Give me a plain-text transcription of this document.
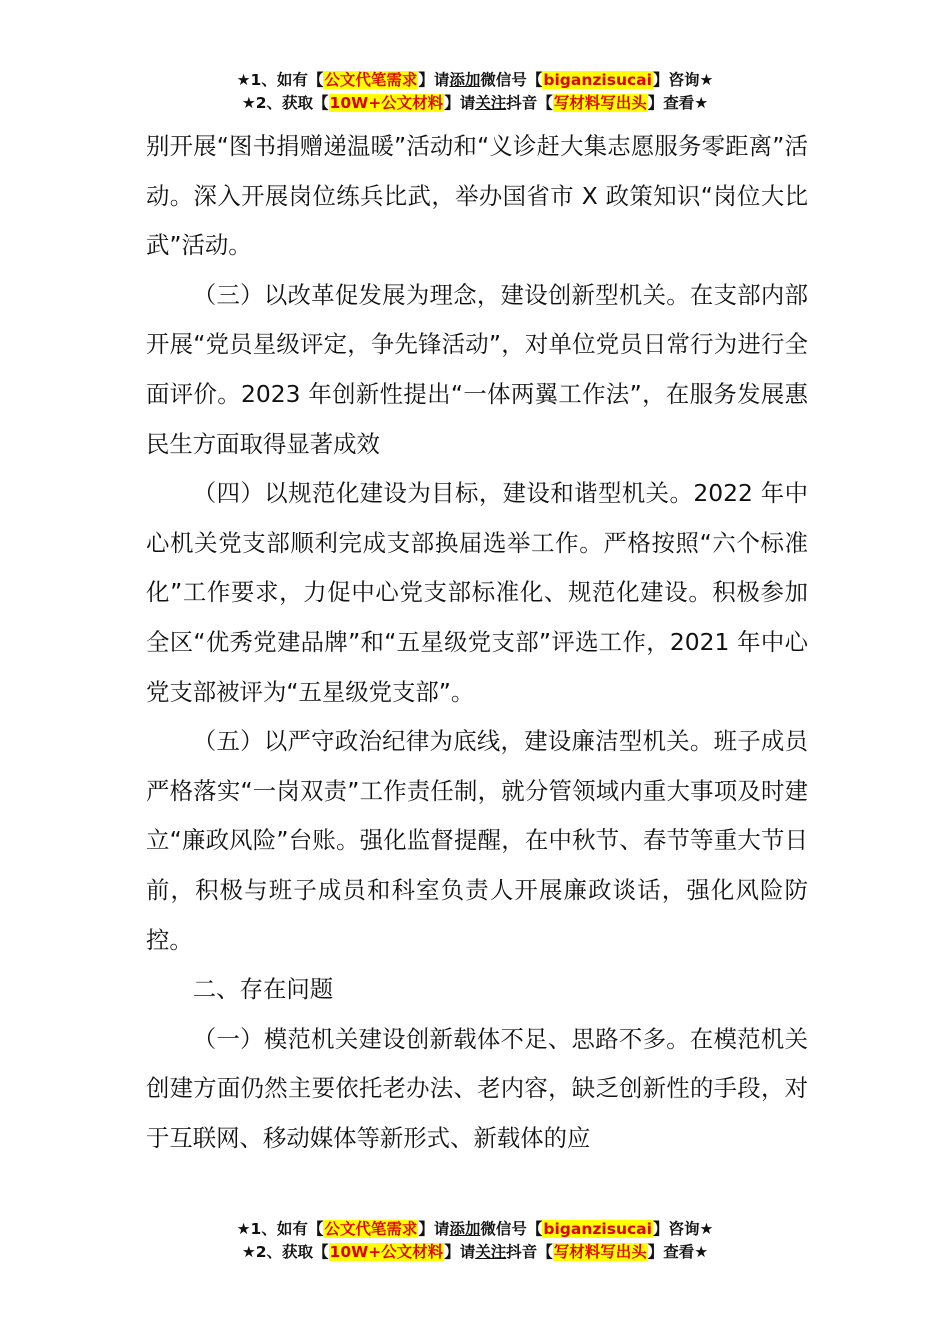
★1、如有【公文代笔需求】请添加微信号【biganzisucai】咨询★
★2、获取【10W+公文材料】请关注抖音【写材料写出头】查看★

别开展“图书捐赠递温暖”活动和“义诊赶大集志愿服务零距离”活动。深入开展岗位练兵比武，举办国省市 X 政策知识“岗位大比武”活动。

（三）以改革促发展为理念，建设创新型机关。在支部内部开展“党员星级评定，争先锋活动”，对单位党员日常行为进行全面评价。2023 年创新性提出“一体两翼工作法”，在服务发展惠民生方面取得显著成效

（四）以规范化建设为目标，建设和谐型机关。2022 年中心机关党支部顺利完成支部换届选举工作。严格按照“六个标准化”工作要求，力促中心党支部标准化、规范化建设。积极参加全区“优秀党建品牌”和“五星级党支部”评选工作，2021 年中心党支部被评为“五星级党支部”。

（五）以严守政治纪律为底线，建设廉洁型机关。班子成员严格落实“一岗双责”工作责任制，就分管领域内重大事项及时建立“廉政风险”台账。强化监督提醒，在中秋节、春节等重大节日前，积极与班子成员和科室负责人开展廉政谈话，强化风险防控。

二、存在问题

（一）模范机关建设创新载体不足、思路不多。在模范机关创建方面仍然主要依托老办法、老内容，缺乏创新性的手段，对于互联网、移动媒体等新形式、新载体的应

★1、如有【公文代笔需求】请添加微信号【biganzisucai】咨询★
★2、获取【10W+公文材料】请关注抖音【写材料写出头】查看★
